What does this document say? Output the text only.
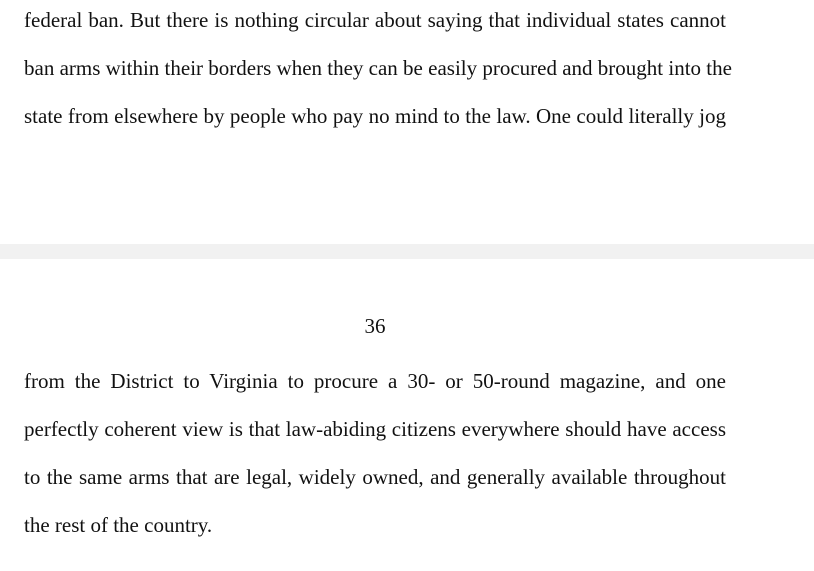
federal ban. But there is nothing circular about saying that individual states cannot
ban arms within their borders when they can be easily procured and brought into the
state from elsewhere by people who pay no mind to the law. One could literally jog
36
from the District to Virginia to procure a 30- or 50-round magazine, and one
perfectly coherent view is that law-abiding citizens everywhere should have access
to the same arms that are legal, widely owned, and generally available throughout
the rest of the country.
